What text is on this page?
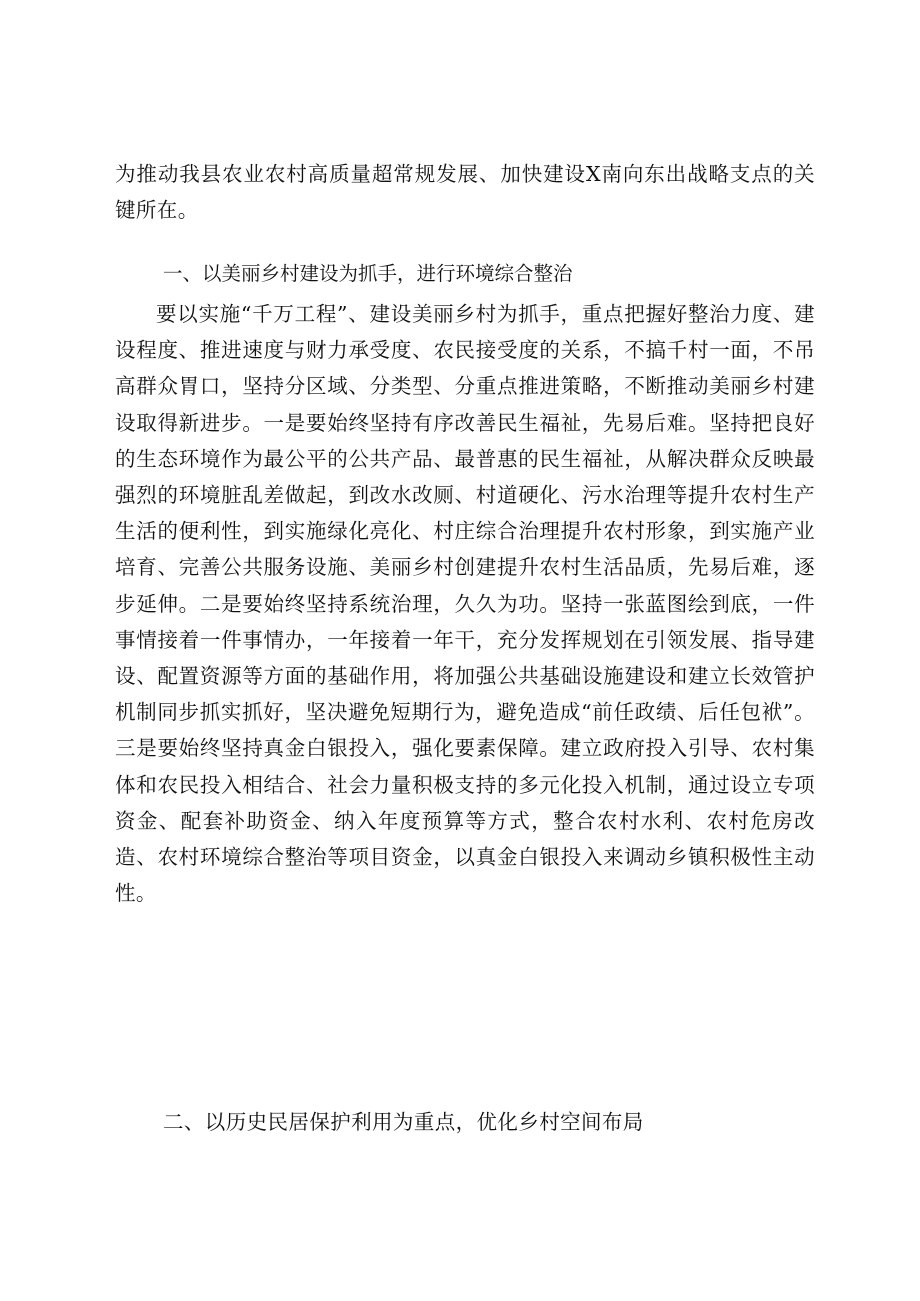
为推动我县农业农村高质量超常规发展、加快建设X南向东出战略支点的关键所在。

一、以美丽乡村建设为抓手，进行环境综合整治

要以实施“千万工程”、建设美丽乡村为抓手，重点把握好整治力度、建设程度、推进速度与财力承受度、农民接受度的关系，不搞千村一面，不吊高群众胃口，坚持分区域、分类型、分重点推进策略，不断推动美丽乡村建设取得新进步。一是要始终坚持有序改善民生福祉，先易后难。坚持把良好的生态环境作为最公平的公共产品、最普惠的民生福祉，从解决群众反映最强烈的环境脏乱差做起，到改水改厕、村道硬化、污水治理等提升农村生产生活的便利性，到实施绿化亮化、村庄综合治理提升农村形象，到实施产业培育、完善公共服务设施、美丽乡村创建提升农村生活品质，先易后难，逐步延伸。二是要始终坚持系统治理，久久为功。坚持一张蓝图绘到底，一件事情接着一件事情办，一年接着一年干，充分发挥规划在引领发展、指导建设、配置资源等方面的基础作用，将加强公共基础设施建设和建立长效管护机制同步抓实抓好，坚决避免短期行为，避免造成“前任政绩、后任包袱”。三是要始终坚持真金白银投入，强化要素保障。建立政府投入引导、农村集体和农民投入相结合、社会力量积极支持的多元化投入机制，通过设立专项资金、配套补助资金、纳入年度预算等方式，整合农村水利、农村危房改造、农村环境综合整治等项目资金，以真金白银投入来调动乡镇积极性主动性。

二、以历史民居保护利用为重点，优化乡村空间布局
